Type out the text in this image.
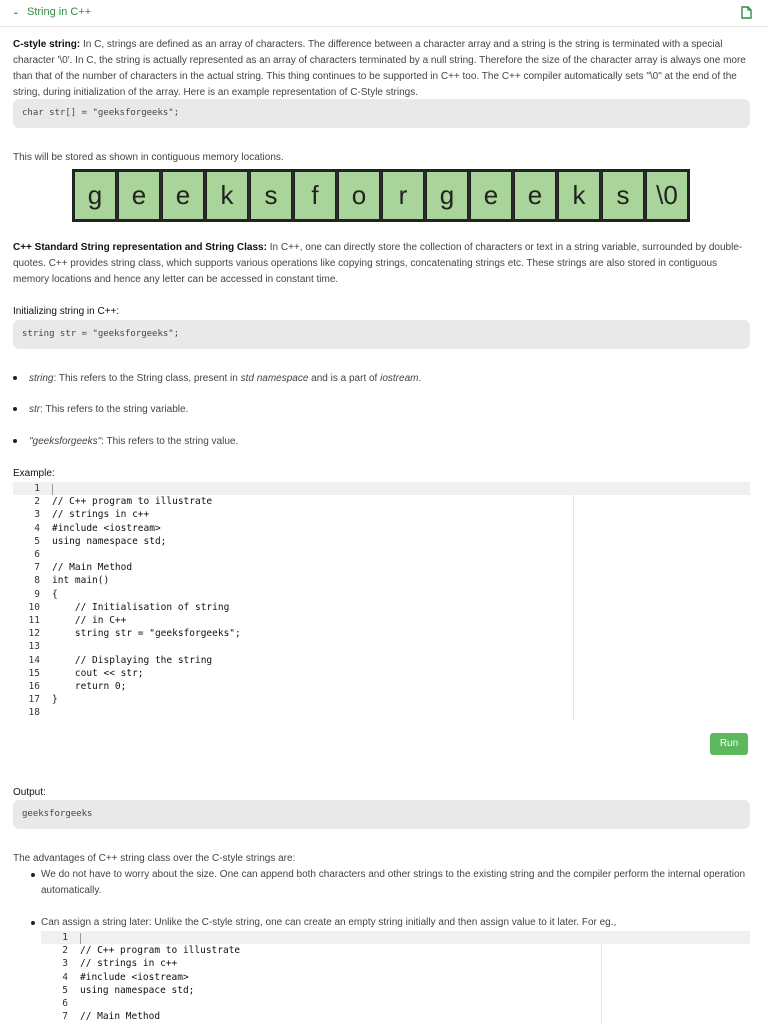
- String in C++
C-style string: In C, strings are defined as an array of characters. The difference between a character array and a string is the string is terminated with a special character '\0'. In C, the string is actually represented as an array of characters terminated by a null string. Therefore the size of the character array is always one more than that of the number of characters in the actual string. This thing continues to be supported in C++ too. The C++ compiler automatically sets "\0" at the end of the string, during initialization of the array. Here is an example representation of C-Style strings.
char str[] = "geeksforgeeks";
This will be stored as shown in contiguous memory locations.
g	e	e	k	s	f	o	r	g	e	e	k	s	\0
C++ Standard String representation and String Class: In C++, one can directly store the collection of characters or text in a string variable, surrounded by double-quotes. C++ provides string class, which supports various operations like copying strings, concatenating strings etc. These strings are also stored in contiguous memory locations and hence any letter can be accessed in constant time.
Initializing string in C++:
string str = "geeksforgeeks";
string: This refers to the String class, present in std namespace and is a part of iostream.
str: This refers to the string variable.
"geeksforgeeks": This refers to the string value.
Example:
1
2 // C++ program to illustrate
3 // strings in c++
4 #include <iostream>
5 using namespace std;
6
7 // Main Method
8 int main()
9 {
10 // Initialisation of string
11 // in C++
12 string str = "geeksforgeeks";
13
14 // Displaying the string
15 cout << str;
16 return 0;
17 }
18
Run
Output:
geeksforgeeks
The advantages of C++ string class over the C-style strings are:
We do not have to worry about the size. One can append both characters and other strings to the existing string and the compiler perform the internal operation automatically.
Can assign a string later: Unlike the C-style string, one can create an empty string initially and then assign value to it later. For eg.,
1
2 // C++ program to illustrate
3 // strings in c++
4 #include <iostream>
5 using namespace std;
6
7 // Main Method
